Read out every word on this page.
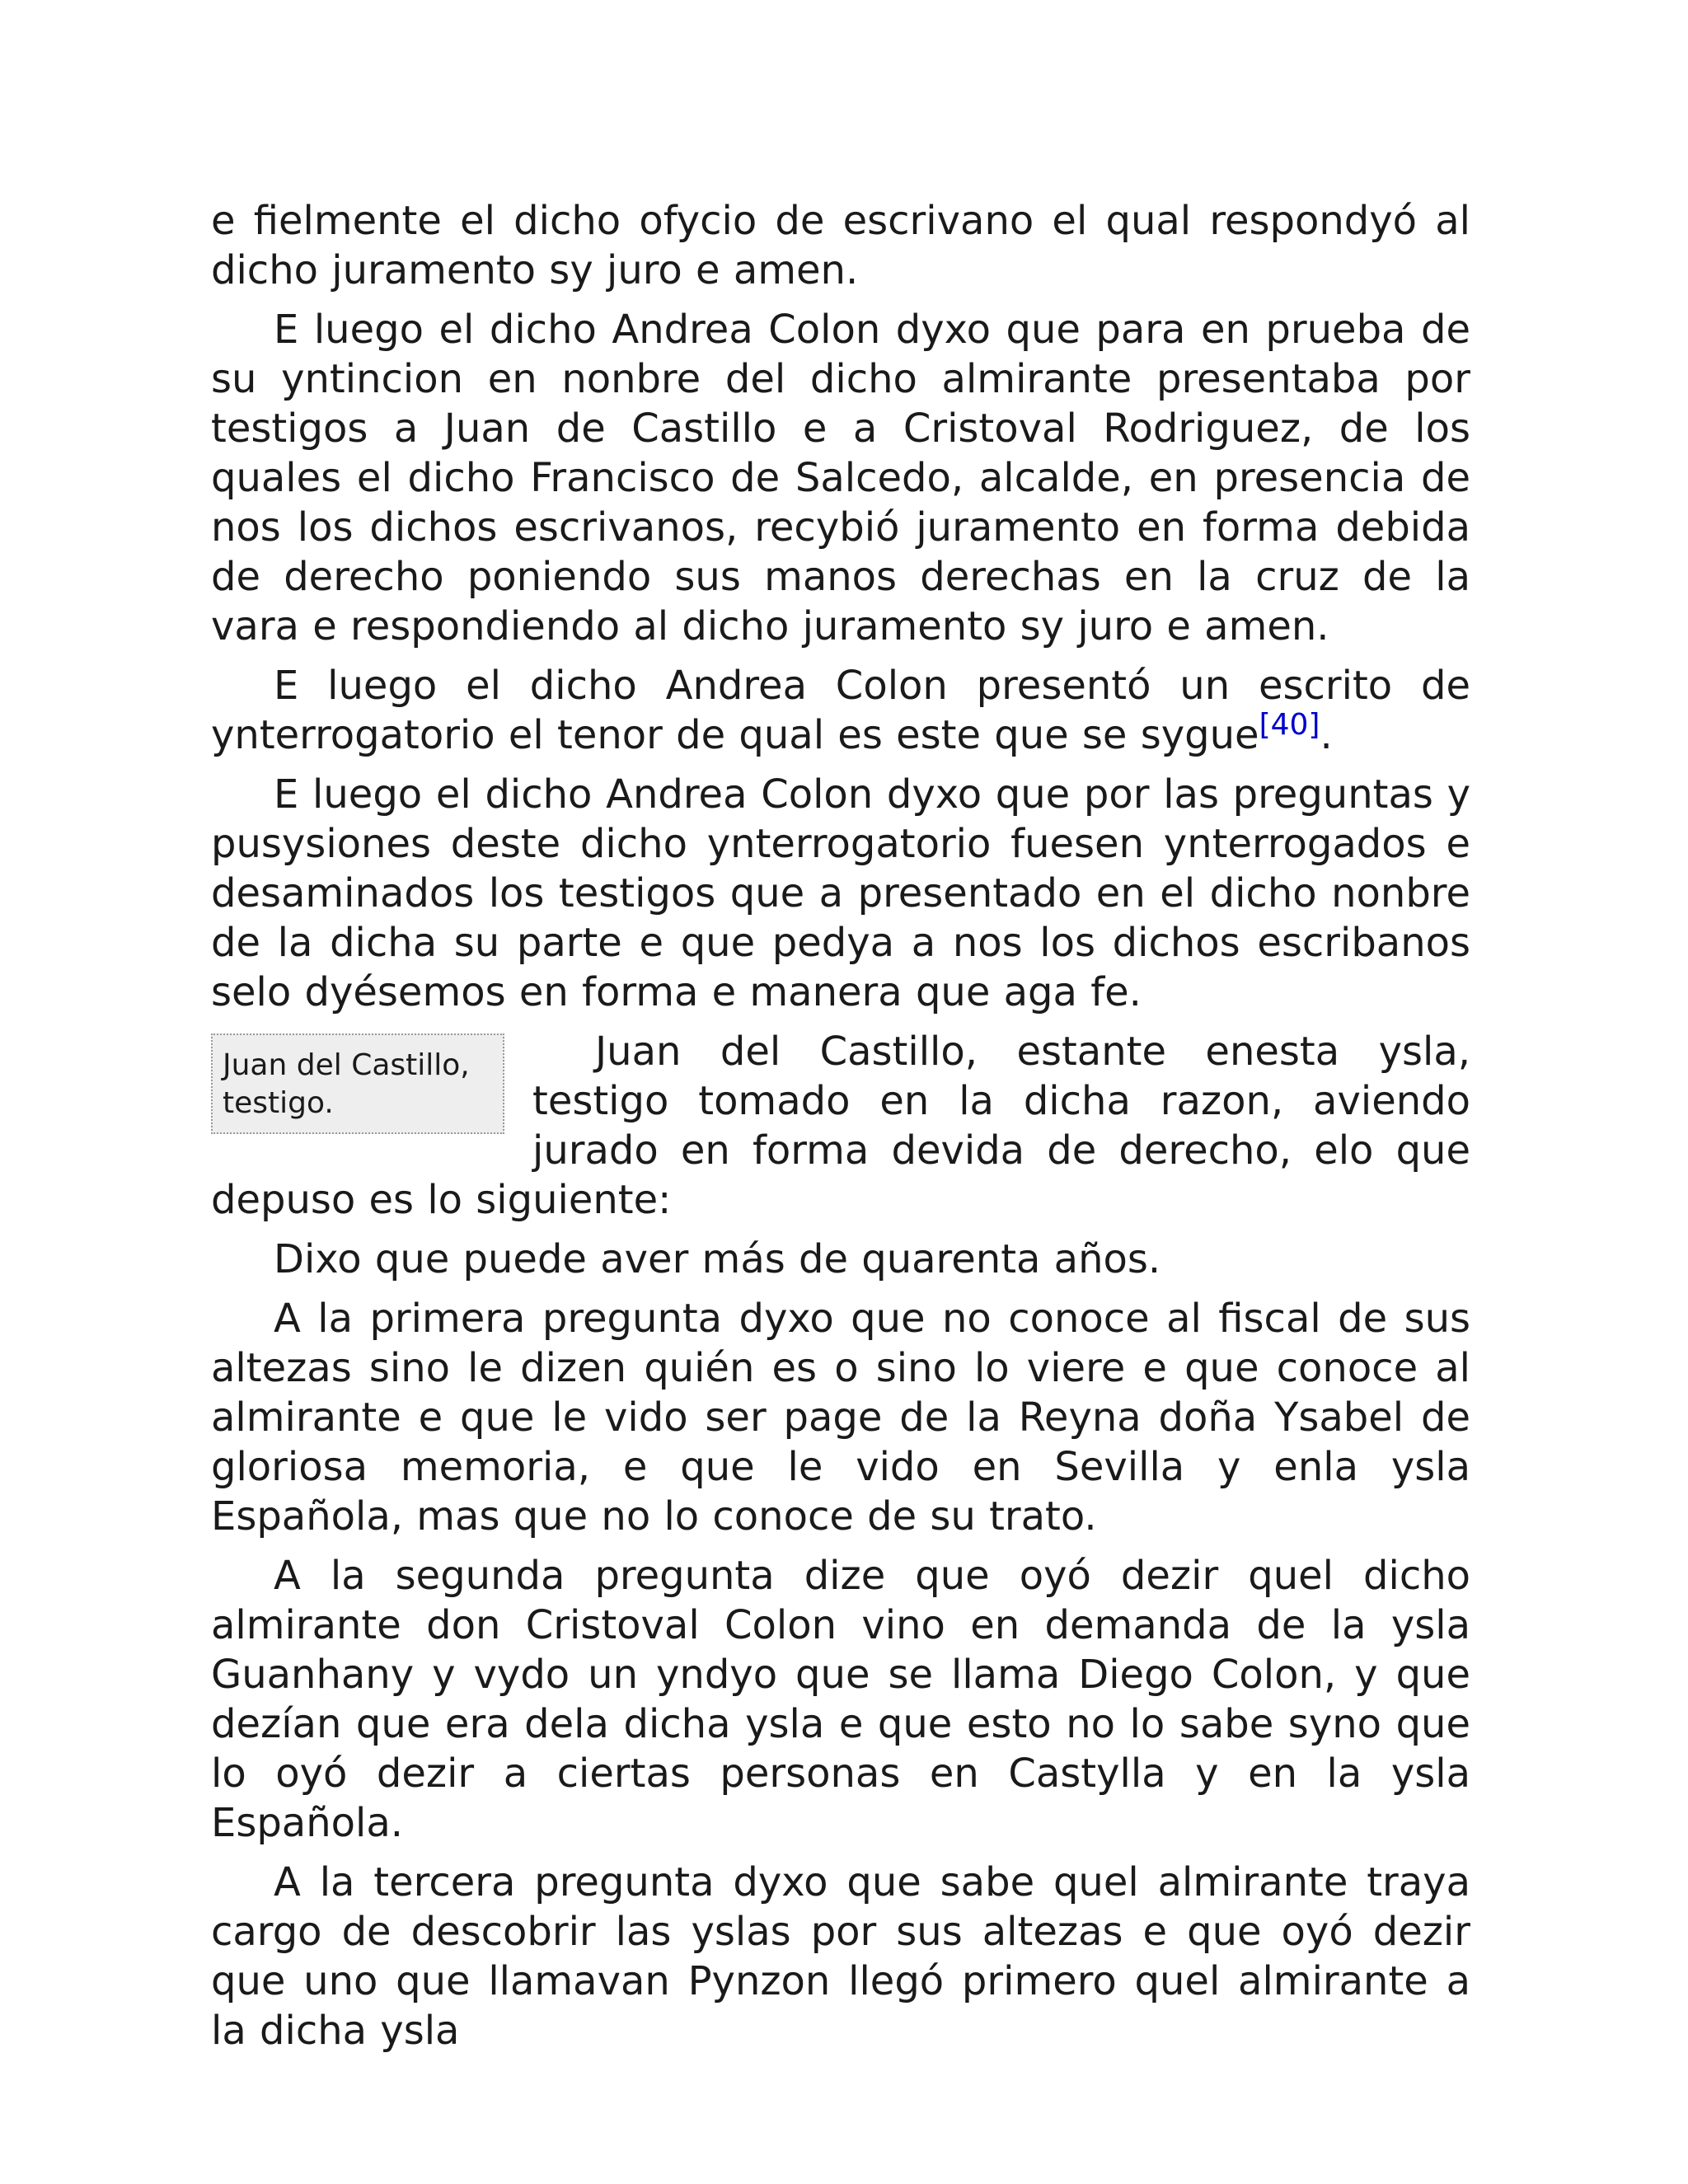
e fielmente el dicho ofycio de escrivano el qual respondyó al dicho juramento sy juro e amen.

E luego el dicho Andrea Colon dyxo que para en prueba de su yntincion en nonbre del dicho almirante presentaba por testigos a Juan de Castillo e a Cristoval Rodriguez, de los quales el dicho Francisco de Salcedo, alcalde, en presencia de nos los dichos escrivanos, recybió juramento en forma debida de derecho poniendo sus manos derechas en la cruz de la vara e respondiendo al dicho juramento sy juro e amen.

E luego el dicho Andrea Colon presentó un escrito de ynterrogatorio el tenor de qual es este que se sygue[40].

E luego el dicho Andrea Colon dyxo que por las preguntas y pusysiones deste dicho ynterrogatorio fuesen ynterrogados e desaminados los testigos que a presentado en el dicho nonbre de la dicha su parte e que pedya a nos los dichos escribanos selo dyésemos en forma e manera que aga fe.

Juan del Castillo, testigo.

Juan del Castillo, estante enesta ysla, testigo tomado en la dicha razon, aviendo jurado en forma devida de derecho, elo que depuso es lo siguiente:

Dixo que puede aver más de quarenta años.

A la primera pregunta dyxo que no conoce al fiscal de sus altezas sino le dizen quién es o sino lo viere e que conoce al almirante e que le vido ser page de la Reyna doña Ysabel de gloriosa memoria, e que le vido en Sevilla y enla ysla Española, mas que no lo conoce de su trato.

A la segunda pregunta dize que oyó dezir quel dicho almirante don Cristoval Colon vino en demanda de la ysla Guanhany y vydo un yndyo que se llama Diego Colon, y que dezían que era dela dicha ysla e que esto no lo sabe syno que lo oyó dezir a ciertas personas en Castylla y en la ysla Española.

A la tercera pregunta dyxo que sabe quel almirante traya cargo de descobrir las yslas por sus altezas e que oyó dezir que uno que llamavan Pynzon llegó primero quel almirante a la dicha ysla
